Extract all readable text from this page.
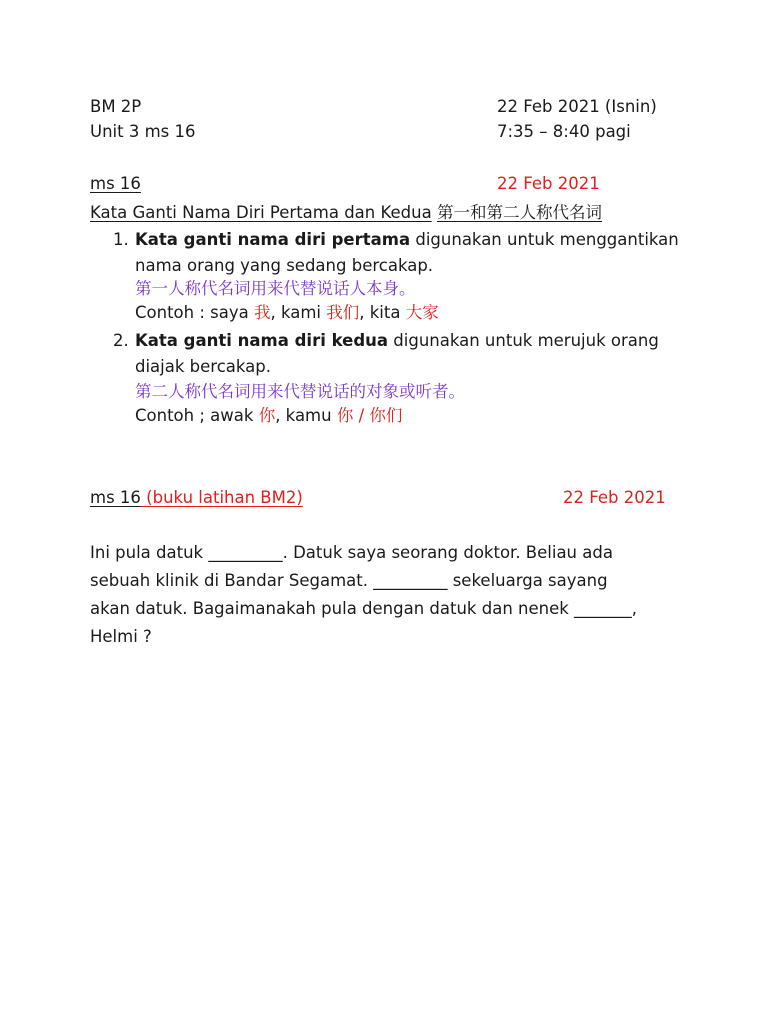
BM 2P
Unit 3 ms 16
22 Feb 2021 (Isnin)
7:35 – 8:40 pagi
ms 16	22 Feb 2021
Kata Ganti Nama Diri Pertama dan Kedua 第一和第二人称代名词
1. Kata ganti nama diri pertama digunakan untuk menggantikan
nama orang yang sedang bercakap.
第一人称代名词用来代替说话人本身。
Contoh : saya 我, kami 我们, kita 大家
2. Kata ganti nama diri kedua digunakan untuk merujuk orang
diajak bercakap.
第二人称代名词用来代替说话的对象或听者。
Contoh ; awak 你, kamu 你 / 你们
ms 16 (buku latihan BM2)	22 Feb 2021
Ini pula datuk _________. Datuk saya seorang doktor. Beliau ada
sebuah klinik di Bandar Segamat. _________ sekeluarga sayang
akan datuk. Bagaimanakah pula dengan datuk dan nenek _______,
Helmi ?
